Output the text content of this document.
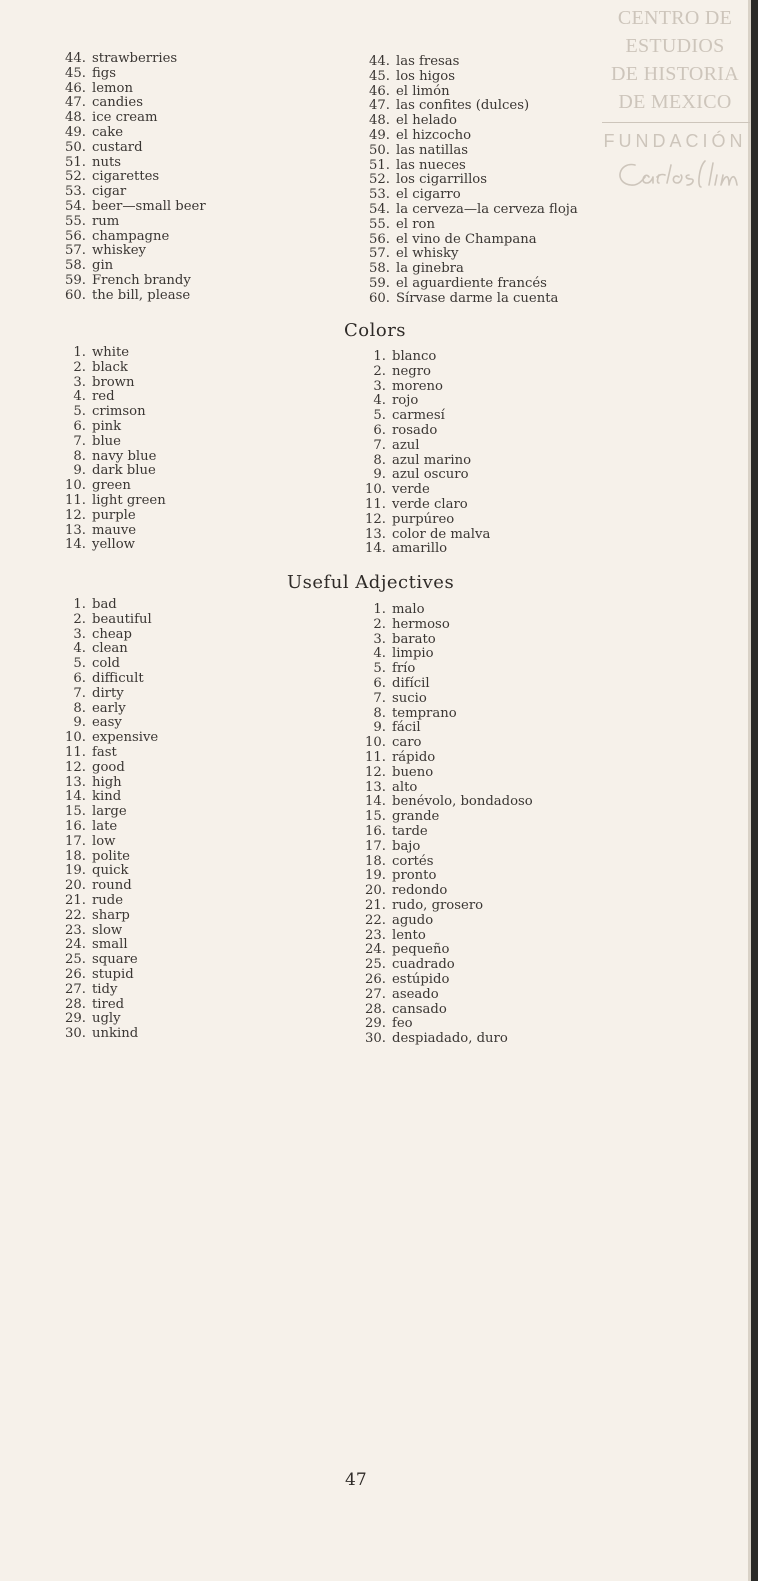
CENTRO DE
ESTUDIOS
DE HISTORIA
DE MEXICO
FUNDACIÓN
44. strawberries
45. figs
46. lemon
47. candies
48. ice cream
49. cake
50. custard
51. nuts
52. cigarettes
53. cigar
54. beer—small beer
55. rum
56. champagne
57. whiskey
58. gin
59. French brandy
60. the bill, please
44. las fresas
45. los higos
46. el limón
47. las confites (dulces)
48. el helado
49. el hizcocho
50. las natillas
51. las nueces
52. los cigarrillos
53. el cigarro
54. la cerveza—la cerveza floja
55. el ron
56. el vino de Champana
57. el whisky
58. la ginebra
59. el aguardiente francés
60. Sírvase darme la cuenta
Colors
1. white
2. black
3. brown
4. red
5. crimson
6. pink
7. blue
8. navy blue
9. dark blue
10. green
11. light green
12. purple
13. mauve
14. yellow
1. blanco
2. negro
3. moreno
4. rojo
5. carmesí
6. rosado
7. azul
8. azul marino
9. azul oscuro
10. verde
11. verde claro
12. purpúreo
13. color de malva
14. amarillo
Useful Adjectives
1. bad
2. beautiful
3. cheap
4. clean
5. cold
6. difficult
7. dirty
8. early
9. easy
10. expensive
11. fast
12. good
13. high
14. kind
15. large
16. late
17. low
18. polite
19. quick
20. round
21. rude
22. sharp
23. slow
24. small
25. square
26. stupid
27. tidy
28. tired
29. ugly
30. unkind
1. malo
2. hermoso
3. barato
4. limpio
5. frío
6. difícil
7. sucio
8. temprano
9. fácil
10. caro
11. rápido
12. bueno
13. alto
14. benévolo, bondadoso
15. grande
16. tarde
17. bajo
18. cortés
19. pronto
20. redondo
21. rudo, grosero
22. agudo
23. lento
24. pequeño
25. cuadrado
26. estúpido
27. aseado
28. cansado
29. feo
30. despiadado, duro
47
